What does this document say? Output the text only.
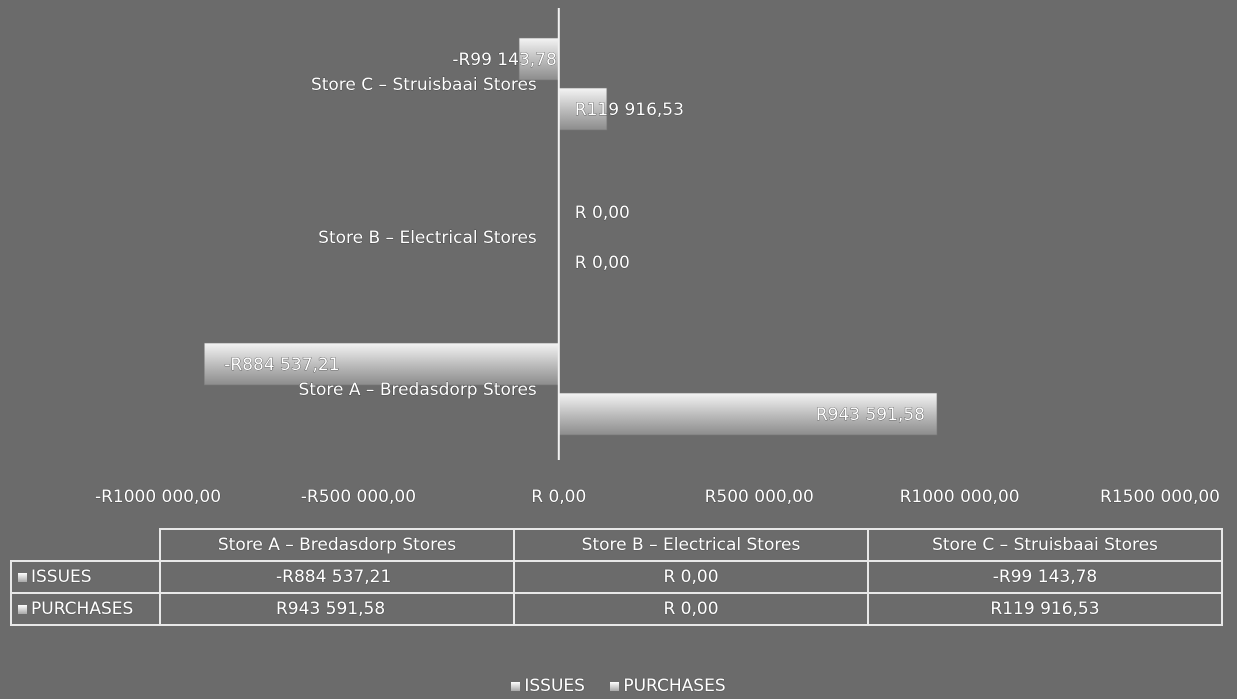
-R884 537,21
R943 591,58
R 0,00
R 0,00
-R99 143,78
R119 916,53
Store A – Bredasdorp Stores
Store B – Electrical Stores
Store C – Struisbaai Stores
-R1000 000,00	-R500 000,00	R 0,00	R500 000,00	R1000 000,00	R1500 000,00
	Store A – Bredasdorp Stores	Store B – Electrical Stores	Store C – Struisbaai Stores
ISSUES	-R884 537,21	R 0,00	-R99 143,78
PURCHASES	R943 591,58	R 0,00	R119 916,53
ISSUES PURCHASES
